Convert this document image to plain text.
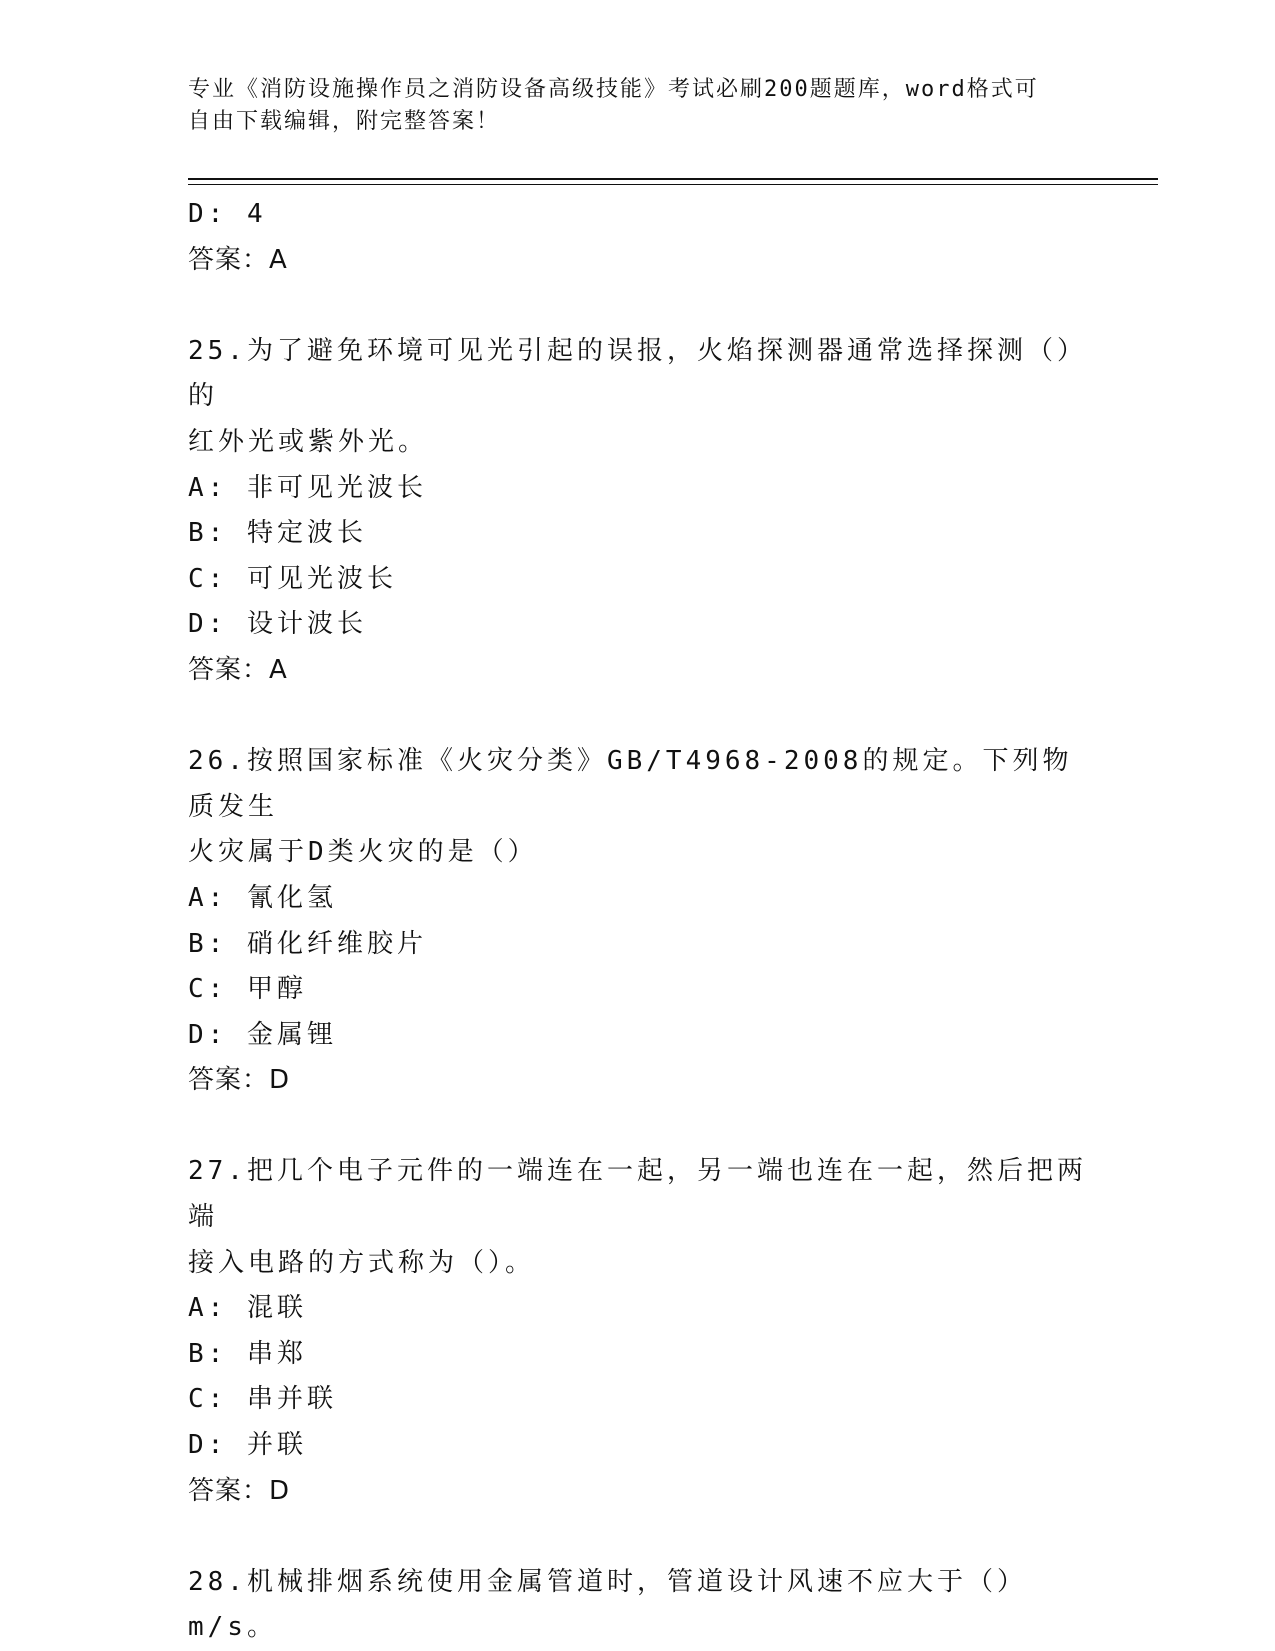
专业《消防设施操作员之消防设备高级技能》考试必刷200题题库，word格式可
自由下载编辑，附完整答案！
D: 4
答案：A
25.为了避免环境可见光引起的误报，火焰探测器通常选择探测（）的
红外光或紫外光。
A: 非可见光波长
B: 特定波长
C: 可见光波长
D: 设计波长
答案：A
26.按照国家标准《火灾分类》GB/T4968-2008的规定。下列物质发生
火灾属于D类火灾的是（）
A: 氰化氢
B: 硝化纤维胶片
C: 甲醇
D: 金属锂
答案：D
27.把几个电子元件的一端连在一起，另一端也连在一起，然后把两端
接入电路的方式称为（）。
A: 混联
B: 串郑
C: 串并联
D: 并联
答案：D
28.机械排烟系统使用金属管道时，管道设计风速不应大于（）m/s。
